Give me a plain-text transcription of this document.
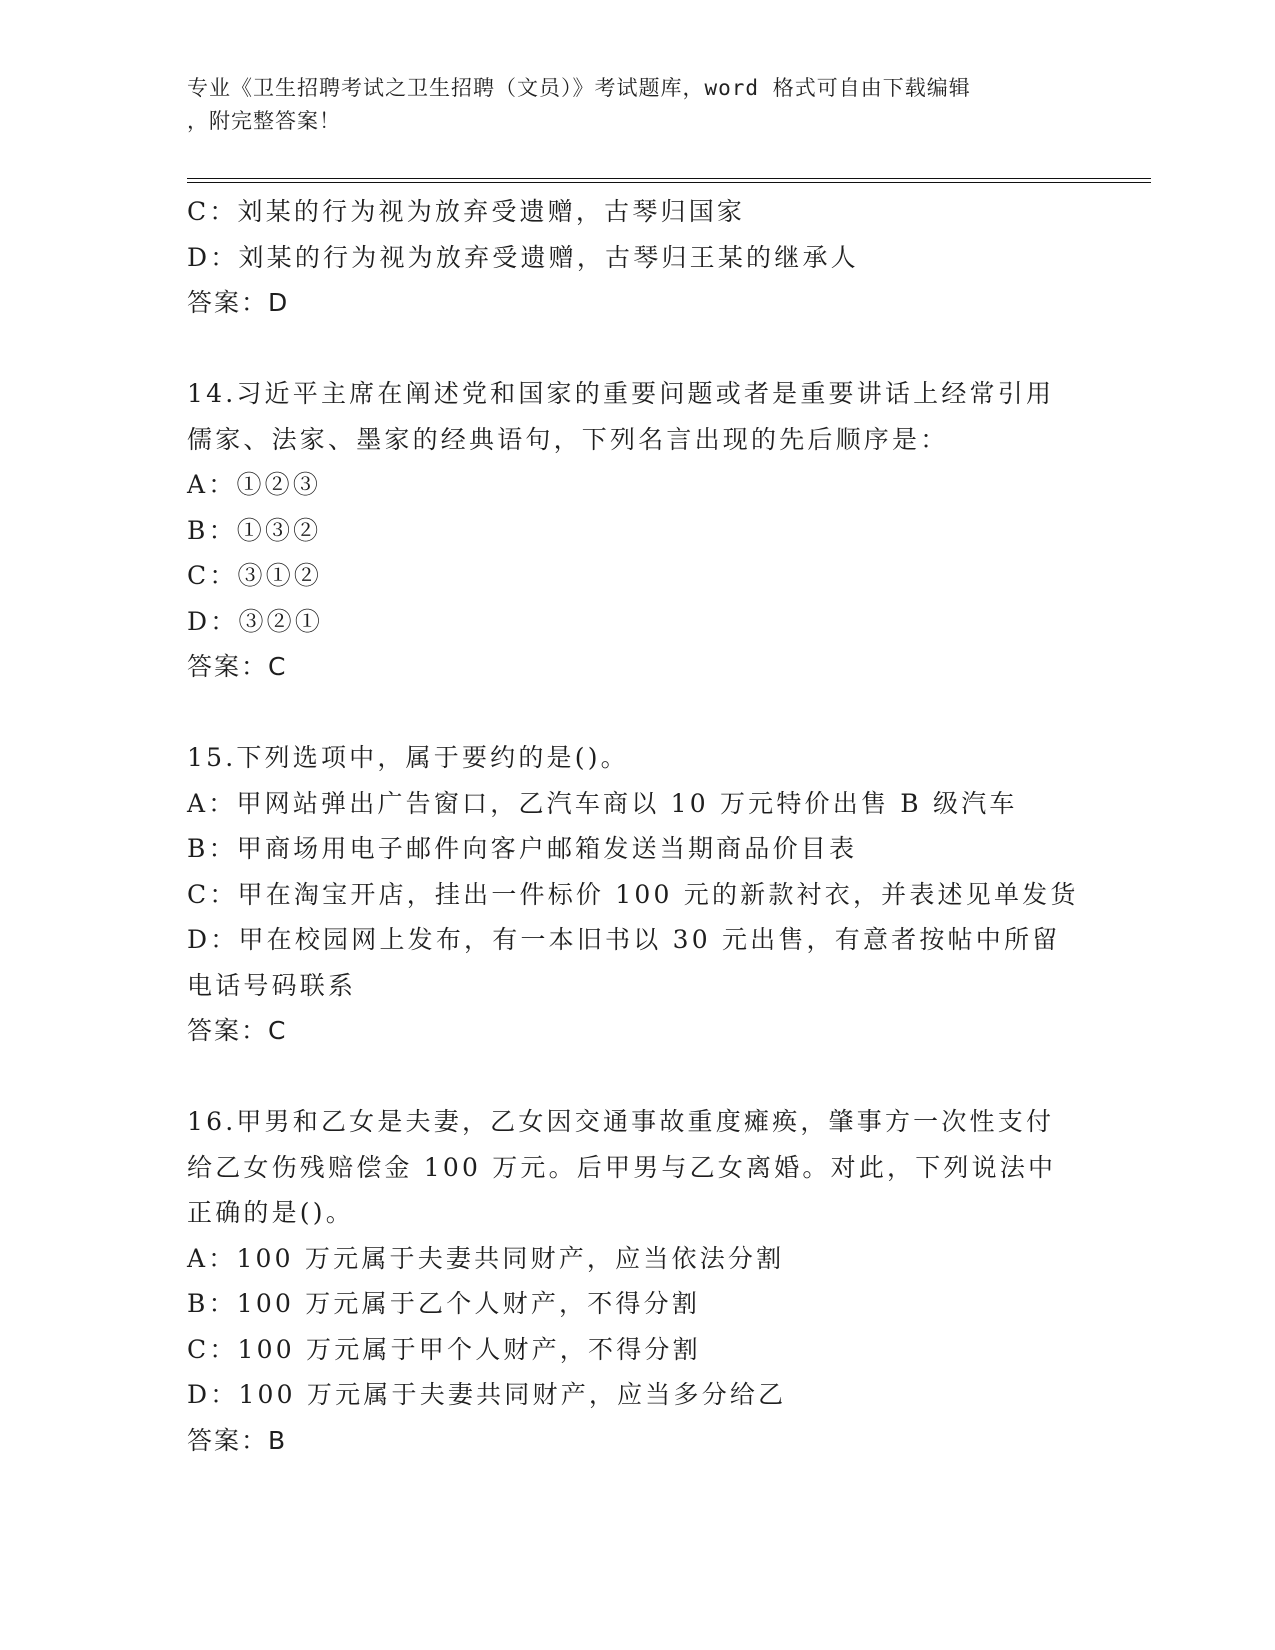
专业《卫生招聘考试之卫生招聘（文员）》考试题库，word 格式可自由下载编辑
，附完整答案！
C：刘某的行为视为放弃受遗赠，古琴归国家
D：刘某的行为视为放弃受遗赠，古琴归王某的继承人
答案：D
14.习近平主席在阐述党和国家的重要问题或者是重要讲话上经常引用
儒家、法家、墨家的经典语句，下列名言出现的先后顺序是：
A：①②③
B：①③②
C：③①②
D：③②①
答案：C
15.下列选项中，属于要约的是()。
A：甲网站弹出广告窗口，乙汽车商以 10 万元特价出售 B 级汽车
B：甲商场用电子邮件向客户邮箱发送当期商品价目表
C：甲在淘宝开店，挂出一件标价 100 元的新款衬衣，并表述见单发货
D：甲在校园网上发布，有一本旧书以 30 元出售，有意者按帖中所留
电话号码联系
答案：C
16.甲男和乙女是夫妻，乙女因交通事故重度瘫痪，肇事方一次性支付
给乙女伤残赔偿金 100 万元。后甲男与乙女离婚。对此，下列说法中
正确的是()。
A：100 万元属于夫妻共同财产，应当依法分割
B：100 万元属于乙个人财产，不得分割
C：100 万元属于甲个人财产，不得分割
D：100 万元属于夫妻共同财产，应当多分给乙
答案：B
